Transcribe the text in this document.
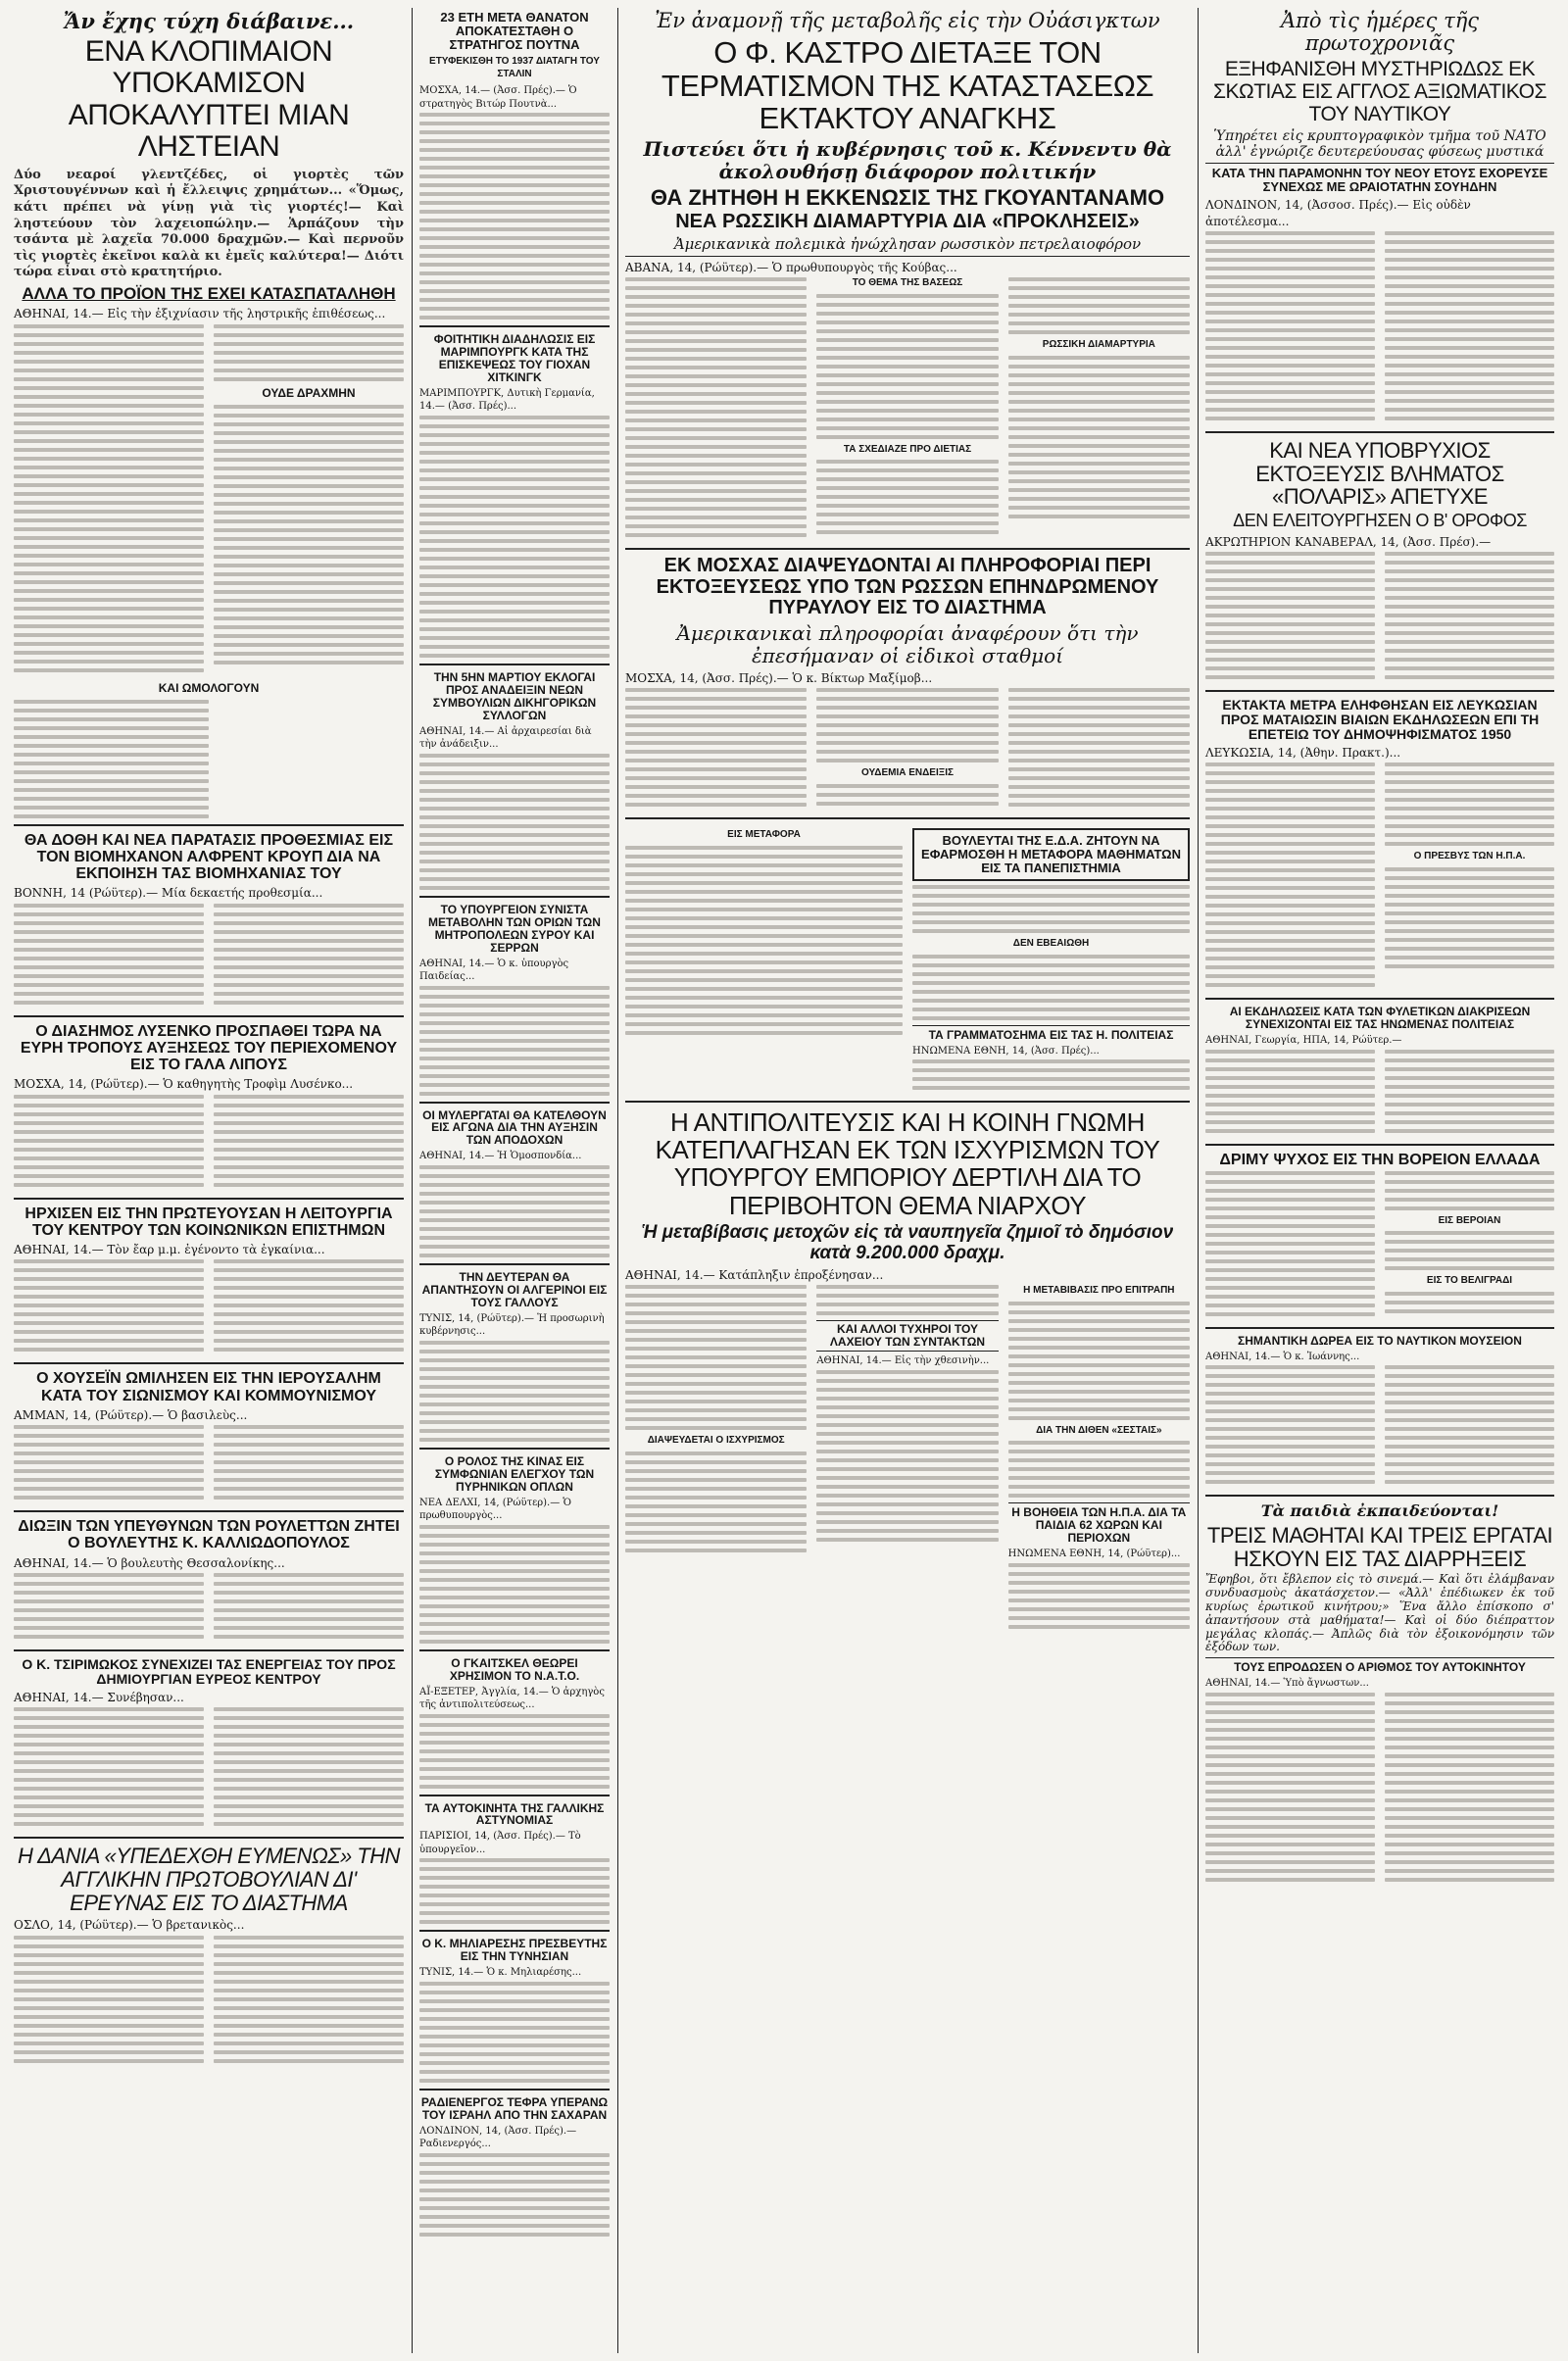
Ἄν ἔχης τύχη διάβαινε...
ΕΝΑ ΚΛΟΠΙΜΑΙΟΝ ΥΠΟΚΑΜΙΣΟΝ ΑΠΟΚΑΛΥΠΤΕΙ ΜΙΑΝ ΛΗΣΤΕΙΑΝ
Δύο νεαροί γλεντζέδες, οἱ γιορτὲς τῶν Χριστουγέννων καὶ ἡ ἔλλειψις χρημάτων... «Ὅμως, κάτι πρέπει νὰ γίνῃ γιὰ τὶς γιορτές!— Καὶ ληστεύουν τὸν λαχειοπώλην.— Ἁρπάζουν τὴν τσάντα μὲ λαχεῖα 70.000 δραχμῶν.— Καὶ περνοῦν τὶς γιορτὲς ἐκεῖνοι καλὰ κι ἐμεῖς καλύτερα!— Διότι τώρα εἶναι στὸ κρατητήριο.
ΑΛΛΑ ΤΟ ΠΡΟΪΟΝ ΤΗΣ ΕΧΕΙ ΚΑΤΑΣΠΑΤΑΛΗΘΗ
ΑΘΗΝΑΙ, 14.— Εἰς τὴν ἐξιχνίασιν τῆς ληστρικῆς ἐπιθέσεως...
ΟΥΔΕ ΔΡΑΧΜΗΝ
ΚΑΙ ΩΜΟΛΟΓΟΥΝ
ΘΑ ΔΟΘΗ ΚΑΙ ΝΕΑ ΠΑΡΑΤΑΣΙΣ ΠΡΟΘΕΣΜΙΑΣ ΕΙΣ ΤΟΝ ΒΙΟΜΗΧΑΝΟΝ ΑΛΦΡΕΝΤ ΚΡΟΥΠ ΔΙΑ ΝΑ ΕΚΠΟΙΗΣΗ ΤΑΣ ΒΙΟΜΗΧΑΝΙΑΣ ΤΟΥ
ΒΟΝΝΗ, 14 (Ρώϋτερ).— Μία δεκαετής προθεσμία...
Ο ΔΙΑΣΗΜΟΣ ΛΥΣΕΝΚΟ ΠΡΟΣΠΑΘΕΙ ΤΩΡΑ ΝΑ ΕΥΡΗ ΤΡΟΠΟΥΣ ΑΥΞΗΣΕΩΣ ΤΟΥ ΠΕΡΙΕΧΟΜΕΝΟΥ ΕΙΣ ΤΟ ΓΑΛΑ ΛΙΠΟΥΣ
ΜΟΣΧΑ, 14, (Ρώϋτερ).— Ὁ καθηγητὴς Τροφὶμ Λυσένκο...
ΗΡΧΙΣΕΝ ΕΙΣ ΤΗΝ ΠΡΩΤΕΥΟΥΣΑΝ Η ΛΕΙΤΟΥΡΓΙΑ ΤΟΥ ΚΕΝΤΡΟΥ ΤΩΝ ΚΟΙΝΩΝΙΚΩΝ ΕΠΙΣΤΗΜΩΝ
ΑΘΗΝΑΙ, 14.— Τὸν ἔαρ μ.μ. ἐγένοντο τὰ ἐγκαίνια...
Ο ΧΟΥΣΕΪΝ ΩΜΙΛΗΣΕΝ ΕΙΣ ΤΗΝ ΙΕΡΟΥΣΑΛΗΜ ΚΑΤΑ ΤΟΥ ΣΙΩΝΙΣΜΟΥ ΚΑΙ ΚΟΜΜΟΥΝΙΣΜΟΥ
ΑΜΜΑΝ, 14, (Ρώϋτερ).— Ὁ βασιλεὺς...
ΔΙΩΞΙΝ ΤΩΝ ΥΠΕΥΘΥΝΩΝ ΤΩΝ ΡΟΥΛΕΤΤΩΝ ΖΗΤΕΙ Ο ΒΟΥΛΕΥΤΗΣ Κ. ΚΑΛΛΙΩΔΟΠΟΥΛΟΣ
ΑΘΗΝΑΙ, 14.— Ὁ βουλευτὴς Θεσσαλονίκης...
Ο Κ. ΤΣΙΡΙΜΩΚΟΣ ΣΥΝΕΧΙΖΕΙ ΤΑΣ ΕΝΕΡΓΕΙΑΣ ΤΟΥ ΠΡΟΣ ΔΗΜΙΟΥΡΓΙΑΝ ΕΥΡΕΟΣ ΚΕΝΤΡΟΥ
ΑΘΗΝΑΙ, 14.— Συνέβησαν...
Η ΔΑΝΙΑ «ΥΠΕΔΕΧΘΗ ΕΥΜΕΝΩΣ» ΤΗΝ ΑΓΓΛΙΚΗΝ ΠΡΩΤΟΒΟΥΛΙΑΝ ΔΙ' ΕΡΕΥΝΑΣ ΕΙΣ ΤΟ ΔΙΑΣΤΗΜΑ
ΟΣΛΟ, 14, (Ρώϋτερ).— Ὁ βρετανικὸς...
23 ΕΤΗ ΜΕΤΑ ΘΑΝΑΤΟΝ ΑΠΟΚΑΤΕΣΤΑΘΗ Ο ΣΤΡΑΤΗΓΟΣ ΠΟΥΤΝΑ
ΕΤΥΦΕΚΙΣΘΗ ΤΟ 1937 ΔΙΑΤΑΓΗ ΤΟΥ ΣΤΑΛΙΝ
ΜΟΣΧΑ, 14.— (Ἀσσ. Πρές).— Ὁ στρατηγὸς Βιτώρ Πουτνὰ...
ΦΟΙΤΗΤΙΚΗ ΔΙΑΔΗΛΩΣΙΣ ΕΙΣ ΜΑΡΙΜΠΟΥΡΓΚ ΚΑΤΑ ΤΗΣ ΕΠΙΣΚΕΨΕΩΣ ΤΟΥ ΓΙΟΧΑΝ ΧΙΤΚΙΝΓΚ
ΜΑΡΙΜΠΟΥΡΓΚ, Δυτικὴ Γερμανία, 14.— (Ἀσσ. Πρές)...
ΤΗΝ 5ΗΝ ΜΑΡΤΙΟΥ ΕΚΛΟΓΑΙ ΠΡΟΣ ΑΝΑΔΕΙΞΙΝ ΝΕΩΝ ΣΥΜΒΟΥΛΙΩΝ ΔΙΚΗΓΟΡΙΚΩΝ ΣΥΛΛΟΓΩΝ
ΑΘΗΝΑΙ, 14.— Αἱ ἀρχαιρεσίαι διὰ τὴν ἀνάδειξιν...
ΤΟ ΥΠΟΥΡΓΕΙΟΝ ΣΥΝΙΣΤΑ ΜΕΤΑΒΟΛΗΝ ΤΩΝ ΟΡΙΩΝ ΤΩΝ ΜΗΤΡΟΠΟΛΕΩΝ ΣΥΡΟΥ ΚΑΙ ΣΕΡΡΩΝ
ΑΘΗΝΑΙ, 14.— Ὁ κ. ὑπουργὸς Παιδείας...
ΟΙ ΜΥΛΕΡΓΑΤΑΙ ΘΑ ΚΑΤΕΛΘΟΥΝ ΕΙΣ ΑΓΩΝΑ ΔΙΑ ΤΗΝ ΑΥΞΗΣΙΝ ΤΩΝ ΑΠΟΔΟΧΩΝ
ΑΘΗΝΑΙ, 14.— Ἡ Ὁμοσπονδία...
ΤΗΝ ΔΕΥΤΕΡΑΝ ΘΑ ΑΠΑΝΤΗΣΟΥΝ ΟΙ ΑΛΓΕΡΙΝΟΙ ΕΙΣ ΤΟΥΣ ΓΑΛΛΟΥΣ
ΤΥΝΙΣ, 14, (Ρώϋτερ).— Ἡ προσωρινὴ κυβέρνησις...
Ο ΡΟΛΟΣ ΤΗΣ ΚΙΝΑΣ ΕΙΣ ΣΥΜΦΩΝΙΑΝ ΕΛΕΓΧΟΥ ΤΩΝ ΠΥΡΗΝΙΚΩΝ ΟΠΛΩΝ
ΝΕΑ ΔΕΛΧΙ, 14, (Ρώϋτερ).— Ὁ πρωθυπουργὸς...
Ο ΓΚΑΙΤΣΚΕΛ ΘΕΩΡΕΙ ΧΡΗΣΙΜΟΝ ΤΟ Ν.Α.Τ.Ο.
ΑΪ-ΕΞΕΤΕΡ, Ἀγγλία, 14.— Ὁ ἀρχηγὸς τῆς ἀντιπολιτεύσεως...
ΤΑ ΑΥΤΟΚΙΝΗΤΑ ΤΗΣ ΓΑΛΛΙΚΗΣ ΑΣΤΥΝΟΜΙΑΣ
ΠΑΡΙΣΙΟΙ, 14, (Ἀσσ. Πρές).— Τὸ ὑπουργεῖον...
Ο Κ. ΜΗΛΙΑΡΕΣΗΣ ΠΡΕΣΒΕΥΤΗΣ ΕΙΣ ΤΗΝ ΤΥΝΗΣΙΑΝ
ΤΥΝΙΣ, 14.— Ὁ κ. Μηλιαρέσης...
ΡΑΔΙΕΝΕΡΓΟΣ ΤΕΦΡΑ ΥΠΕΡΑΝΩ ΤΟΥ ΙΣΡΑΗΛ ΑΠΟ ΤΗΝ ΣΑΧΑΡΑΝ
ΛΟΝΔΙΝΟΝ, 14, (Ἀσσ. Πρές).— Ραδιενεργός...
Ἐν ἀναμονῇ τῆς μεταβολῆς εἰς τὴν Οὐάσιγκτων
Ο Φ. ΚΑΣΤΡΟ ΔΙΕΤΑΞΕ ΤΟΝ ΤΕΡΜΑΤΙΣΜΟΝ ΤΗΣ ΚΑΤΑΣΤΑΣΕΩΣ ΕΚΤΑΚΤΟΥ ΑΝΑΓΚΗΣ
Πιστεύει ὅτι ἡ κυβέρνησις τοῦ κ. Κέννεντυ θὰ ἀκολουθήσῃ διάφορον πολιτικήν
ΘΑ ΖΗΤΗΘΗ Η ΕΚΚΕΝΩΣΙΣ ΤΗΣ ΓΚΟΥΑΝΤΑΝΑΜΟ
ΝΕΑ ΡΩΣΣΙΚΗ ΔΙΑΜΑΡΤΥΡΙΑ ΔΙΑ «ΠΡΟΚΛΗΣΕΙΣ»
Ἀμερικανικὰ πολεμικὰ ἠνώχλησαν ρωσσικὸν πετρελαιοφόρον
ΑΒΑΝΑ, 14, (Ρώϋτερ).— Ὁ πρωθυπουργὸς τῆς Κούβας...
ΤΟ ΘΕΜΑ ΤΗΣ ΒΑΣΕΩΣ
ΤΑ ΣΧΕΔΙΑΖΕ ΠΡΟ ΔΙΕΤΙΑΣ
ΡΩΣΣΙΚΗ ΔΙΑΜΑΡΤΥΡΙΑ
ΕΚ ΜΟΣΧΑΣ ΔΙΑΨΕΥΔΟΝΤΑΙ ΑΙ ΠΛΗΡΟΦΟΡΙΑΙ ΠΕΡΙ ΕΚΤΟΞΕΥΣΕΩΣ ΥΠΟ ΤΩΝ ΡΩΣΣΩΝ ΕΠΗΝΔΡΩΜΕΝΟΥ ΠΥΡΑΥΛΟΥ ΕΙΣ ΤΟ ΔΙΑΣΤΗΜΑ
Ἀμερικανικαὶ πληροφορίαι ἀναφέρουν ὅτι τὴν ἐπεσήμαναν οἱ εἰδικοὶ σταθμοί
ΜΟΣΧΑ, 14, (Ἀσσ. Πρές).— Ὁ κ. Βίκτωρ Μαξίμοβ...
ΟΥΔΕΜΙΑ ΕΝΔΕΙΞΙΣ
ΕΙΣ ΜΕΤΑΦΟΡΑ	ΒΟΥΛΕΥΤΑΙ ΤΗΣ Ε.Δ.Α. ΖΗΤΟΥΝ ΝΑ ΕΦΑΡΜΟΣΘΗ Η ΜΕΤΑΦΟΡΑ ΜΑΘΗΜΑΤΩΝ ΕΙΣ ΤΑ ΠΑΝΕΠΙΣΤΗΜΙΑ
ΔΕΝ ΕΒΕΑΙΩΘΗ
ΤΑ ΓΡΑΜΜΑΤΟΣΗΜΑ ΕΙΣ ΤΑΣ Η. ΠΟΛΙΤΕΙΑΣ
ΗΝΩΜΕΝΑ ΕΘΝΗ, 14, (Ἀσσ. Πρές)...
Η ΑΝΤΙΠΟΛΙΤΕΥΣΙΣ ΚΑΙ Η ΚΟΙΝΗ ΓΝΩΜΗ ΚΑΤΕΠΛΑΓΗΣΑΝ ΕΚ ΤΩΝ ΙΣΧΥΡΙΣΜΩΝ ΤΟΥ ΥΠΟΥΡΓΟΥ ΕΜΠΟΡΙΟΥ ΔΕΡΤΙΛΗ ΔΙΑ ΤΟ ΠΕΡΙΒΟΗΤΟΝ ΘΕΜΑ ΝΙΑΡΧΟΥ
Ἡ μεταβίβασις μετοχῶν εἰς τὰ ναυπηγεῖα ζημιοῖ τὸ δημόσιον κατὰ 9.200.000 δραχμ.
ΑΘΗΝΑΙ, 14.— Κατάπληξιν ἐπροξένησαν...
ΔΙΑΨΕΥΔΕΤΑΙ Ο ΙΣΧΥΡΙΣΜΟΣ
ΚΑΙ ΑΛΛΟΙ ΤΥΧΗΡΟΙ ΤΟΥ ΛΑΧΕΙΟΥ ΤΩΝ ΣΥΝΤΑΚΤΩΝ
ΑΘΗΝΑΙ, 14.— Εἰς τὴν χθεσινὴν...
Η ΜΕΤΑΒΙΒΑΣΙΣ ΠΡΟ ΕΠΙΤΡΑΠΗ
ΔΙΑ ΤΗΝ ΔΙΘΕΝ «ΣΕΣΤΑΙΣ»
Η ΒΟΗΘΕΙΑ ΤΩΝ Η.Π.Α. ΔΙΑ ΤΑ ΠΑΙΔΙΑ 62 ΧΩΡΩΝ ΚΑΙ ΠΕΡΙΟΧΩΝ
ΗΝΩΜΕΝΑ ΕΘΝΗ, 14, (Ρώϋτερ)...
Ἀπὸ τὶς ἡμέρες τῆς πρωτοχρονιᾶς
ΕΞΗΦΑΝΙΣΘΗ ΜΥΣΤΗΡΙΩΔΩΣ ΕΚ ΣΚΩΤΙΑΣ ΕΙΣ ΑΓΓΛΟΣ ΑΞΙΩΜΑΤΙΚΟΣ ΤΟΥ ΝΑΥΤΙΚΟΥ
Ὑπηρέτει εἰς κρυπτογραφικὸν τμῆμα τοῦ ΝΑΤΟ ἀλλ' ἐγνώριζε δευτερεύουσας φύσεως μυστικά
ΚΑΤΑ ΤΗΝ ΠΑΡΑΜΟΝΗΝ ΤΟΥ ΝΕΟΥ ΕΤΟΥΣ ΕΧΟΡΕΥΣΕ ΣΥΝΕΧΩΣ ΜΕ ΩΡΑΙΟΤΑΤΗΝ ΣΟΥΗΔΗΝ
ΛΟΝΔΙΝΟΝ, 14, (Ἀσσοσ. Πρές).— Εἰς οὐδὲν ἀποτέλεσμα...
ΚΑΙ ΝΕΑ ΥΠΟΒΡΥΧΙΟΣ ΕΚΤΟΞΕΥΣΙΣ ΒΛΗΜΑΤΟΣ «ΠΟΛΑΡΙΣ» ΑΠΕΤΥΧΕ
ΔΕΝ ΕΛΕΙΤΟΥΡΓΗΣΕΝ Ο Β' ΟΡΟΦΟΣ
ΑΚΡΩΤΗΡΙΟΝ ΚΑΝΑΒΕΡΑΛ, 14, (Ἀσσ. Πρέσ).—
ΕΚΤΑΚΤΑ ΜΕΤΡΑ ΕΛΗΦΘΗΣΑΝ ΕΙΣ ΛΕΥΚΩΣΙΑΝ ΠΡΟΣ ΜΑΤΑΙΩΣΙΝ ΒΙΑΙΩΝ ΕΚΔΗΛΩΣΕΩΝ ΕΠΙ ΤΗ ΕΠΕΤΕΙΩ ΤΟΥ ΔΗΜΟΨΗΦΙΣΜΑΤΟΣ 1950
ΛΕΥΚΩΣΙΑ, 14, (Ἀθην. Πρακτ.)...
Ο ΠΡΕΣΒΥΣ ΤΩΝ Η.Π.Α.
ΑΙ ΕΚΔΗΛΩΣΕΙΣ ΚΑΤΑ ΤΩΝ ΦΥΛΕΤΙΚΩΝ ΔΙΑΚΡΙΣΕΩΝ ΣΥΝΕΧΙΖΟΝΤΑΙ ΕΙΣ ΤΑΣ ΗΝΩΜΕΝΑΣ ΠΟΛΙΤΕΙΑΣ
ΑΘΗΝΑΙ, Γεωργία, ΗΠΑ, 14, Ρώϋτερ.—
ΔΡΙΜΥ ΨΥΧΟΣ ΕΙΣ ΤΗΝ ΒΟΡΕΙΟΝ ΕΛΛΑΔΑ
ΕΙΣ ΒΕΡΟΙΑΝ
ΕΙΣ ΤΟ ΒΕΛΙΓΡΑΔΙ
ΣΗΜΑΝΤΙΚΗ ΔΩΡΕΑ ΕΙΣ ΤΟ ΝΑΥΤΙΚΟΝ ΜΟΥΣΕΙΟΝ
ΑΘΗΝΑΙ, 14.— Ὁ κ. Ἰωάννης...
Τὰ παιδιὰ ἐκπαιδεύονται!
ΤΡΕΙΣ ΜΑΘΗΤΑΙ ΚΑΙ ΤΡΕΙΣ ΕΡΓΑΤΑΙ ΗΣΚΟΥΝ ΕΙΣ ΤΑΣ ΔΙΑΡΡΗΞΕΙΣ
Ἔφηβοι, ὅτι ἔβλεπον εἰς τὸ σινεμά.— Καὶ ὅτι ἐλάμβαναν συνδυασμοὺς ἀκατάσχετον.— «Ἀλλ' ἐπέδιωκεν ἐκ τοῦ κυρίως ἐρωτικοῦ κινήτρου;» Ἕνα ἄλλο ἐπίσκοπο σ' ἀπαντήσουν στὰ μαθήματα!— Καὶ οἱ δύο διέπραττον μεγάλας κλοπάς.— Ἀπλῶς διὰ τὸν ἐξοικονόμησιν τῶν ἐξόδων των.
ΤΟΥΣ ΕΠΡΟΔΩΣΕΝ Ο ΑΡΙΘΜΟΣ ΤΟΥ ΑΥΤΟΚΙΝΗΤΟΥ
ΑΘΗΝΑΙ, 14.— Ὑπὸ ἄγνωστων...
